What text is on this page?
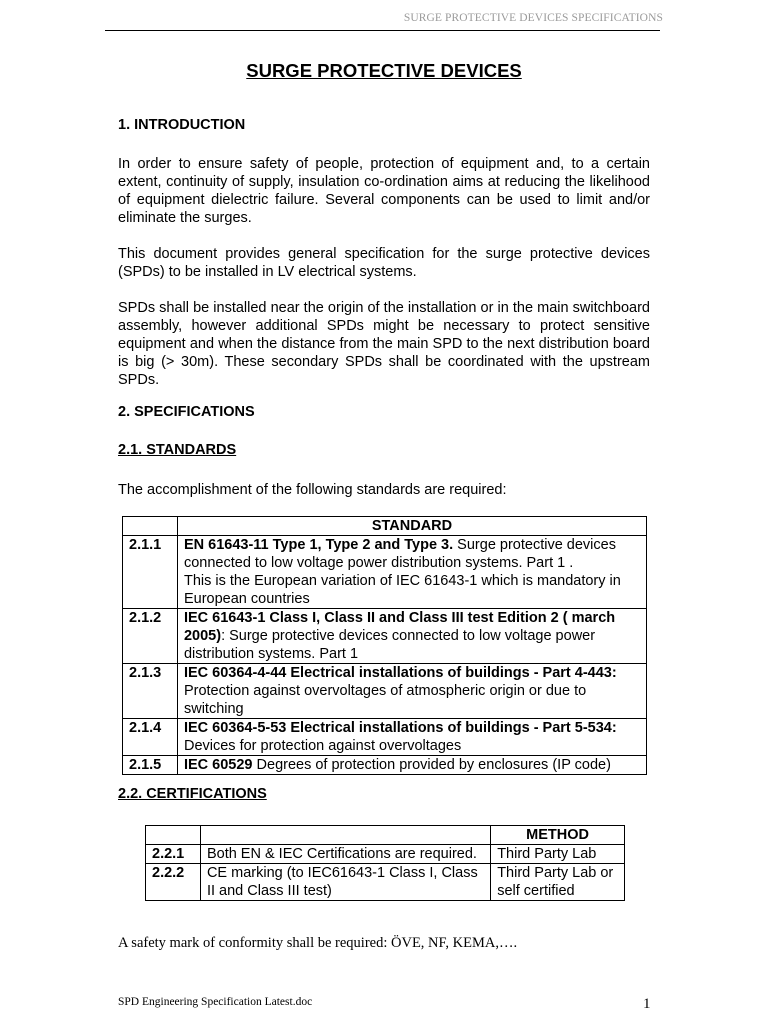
SURGE PROTECTIVE DEVICES SPECIFICATIONS
SURGE PROTECTIVE DEVICES
1. INTRODUCTION

In order to ensure safety of people, protection of equipment and, to a certain extent, continuity of supply, insulation co-ordination aims at reducing the likelihood of equipment dielectric failure. Several components can be used to limit and/or eliminate the surges.

This document provides general specification for the surge protective devices (SPDs) to be installed in LV electrical systems.

SPDs shall be installed near the origin of the installation or in the main switchboard assembly, however additional SPDs might be necessary to protect sensitive equipment and when the distance from the main SPD to the next distribution board is big (> 30m). These secondary SPDs shall be coordinated with the upstream SPDs.

2. SPECIFICATIONS
2.1. STANDARDS
The accomplishment of the following standards are required:
	STANDARD
2.1.1	EN 61643-11 Type 1, Type 2 and Type 3. Surge protective devices connected to low voltage power distribution systems. Part 1 .
This is the European variation of IEC 61643-1 which is mandatory in European countries
2.1.2	IEC 61643-1 Class I, Class II and Class III test Edition 2 ( march 2005): Surge protective devices connected to low voltage power distribution systems. Part 1
2.1.3	IEC 60364-4-44 Electrical installations of buildings - Part 4-443: Protection against overvoltages of atmospheric origin or due to switching
2.1.4	IEC 60364-5-53 Electrical installations of buildings - Part 5-534: Devices for protection against overvoltages
2.1.5	IEC 60529 Degrees of protection provided by enclosures (IP code)
2.2. CERTIFICATIONS
		METHOD
2.2.1	Both EN & IEC Certifications are required.	Third Party Lab
2.2.2	CE marking (to IEC61643-1 Class I, Class II and Class III test)	Third Party Lab or self certified
A safety mark of conformity shall be required: ÖVE, NF, KEMA,….
SPD Engineering Specification Latest.doc	1
